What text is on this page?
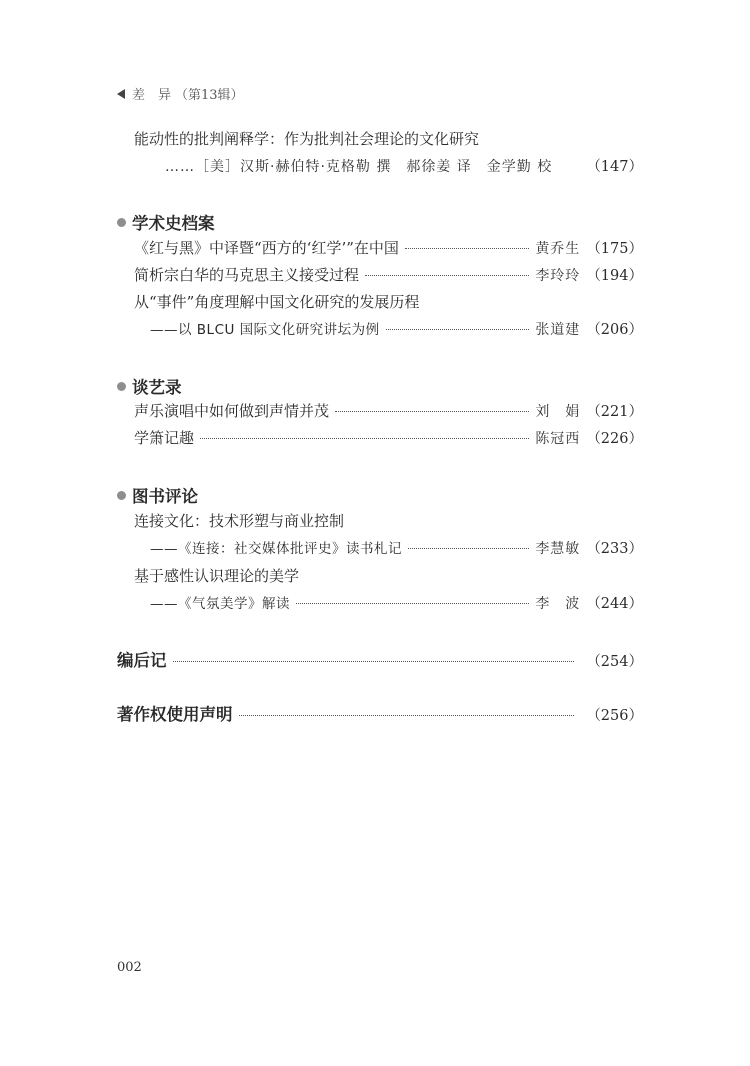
差　异 （第13辑）
能动性的批判阐释学：作为批判社会理论的文化研究
……［美］汉斯·赫伯特·克格勒 撰　郝徐姜 译　金学勤 校 （147）
学术史档案
《红与黑》中译暨“西方的‘红学’”在中国	黄乔生 （175）
简析宗白华的马克思主义接受过程	李玲玲 （194）
从“事件”角度理解中国文化研究的发展历程
——以 BLCU 国际文化研究讲坛为例	张道建 （206）
谈艺录
声乐演唱中如何做到声情并茂	刘　娟 （221）
学箫记趣	陈冠西 （226）
图书评论
连接文化：技术形塑与商业控制
——《连接：社交媒体批评史》读书札记	李慧敏 （233）
基于感性认识理论的美学
——《气氛美学》解读	李　波 （244）
编后记	（254）
著作权使用声明	（256）
002
